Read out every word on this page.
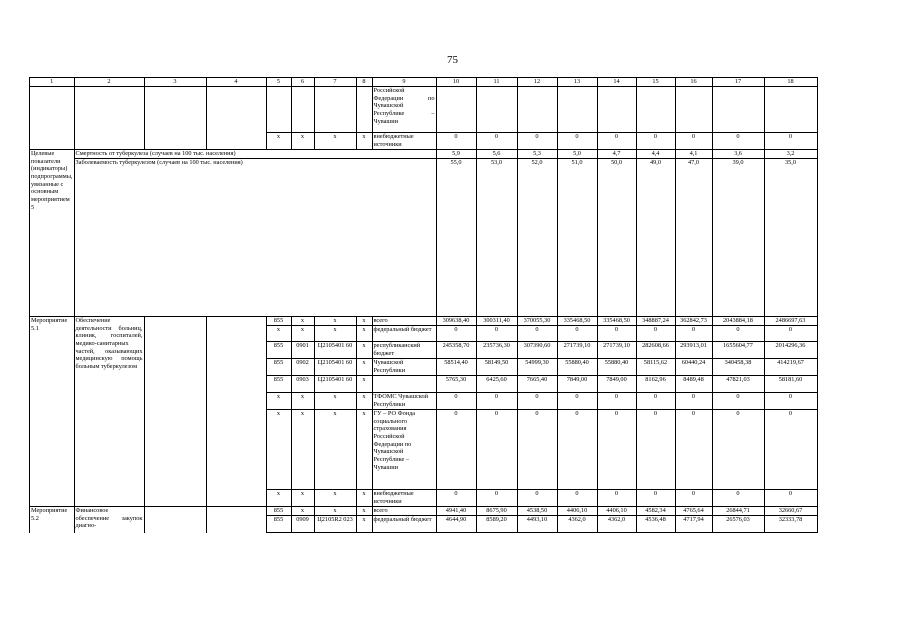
75
1	2	3	4	5	6	7	8	9	10	11	12	13	14	15	16	17	18
								Российской Федерации по Чувашской Республике – Чувашии									
				x	x	x	x	внебюджетные источники	0	0	0	0	0	0	0	0	0
Целевые показатели (индикаторы) подпрограммы, увязанные с основным мероприятием 5	Смертность от туберкулеза (случаев на 100 тыс. населения)								5,9	5,6	5,3	5,0	4,7	4,4	4,1	3,6	3,2
	Заболеваемость туберкулезом (случаев на 100 тыс. населения)								55,0	53,0	52,0	51,0	50,0	49,0	47,0	39,0	35,0
Мероприятие 5.1	Обеспечение деятельности больниц, клиник, госпиталей, медико-санитарных частей, оказывающих медицинскую помощь больным туберкулезом			855	x	x	x	всего	309638,40	300311,40	370055,30	335468,50	335468,50	348887,24	362842,73	2043884,18	2486697,63
				x	x	x	x	федеральный бюджет	0	0	0	0	0	0	0	0	0
				855	0901	Ц2105401 60	x	республиканский бюджет	245358,70	235736,30	307390,60	271739,10	271739,10	282608,66	293913,01	1655604,77	2014296,36
				855	0902	Ц2105401 60	x	Чувашской Республики	58514,40	58149,50	54999,30	55880,40	55880,40	58115,62	60440,24	340458,38	414219,67
				855	0903	Ц2105401 60	x		5765,30	6425,60	7665,40	7849,00	7849,00	8162,96	8489,48	47821,03	58181,60
				x	x	x	x	ТФОМС Чувашской Республики	0	0	0	0	0	0	0	0	0
				x	x	x	x	ГУ – РО Фонда социального страхования Российской Федерации по Чувашской Республике – Чувашии	0	0	0	0	0	0	0	0	0
				x	x	x	x	внебюджетные источники	0	0	0	0	0	0	0	0	0
Мероприятие 5.2	Финансовое обеспечение закупок диагно-			855	x	x	x	всего	4941,40	8675,90	4538,50	4406,10	4406,10	4582,34	4765,64	26844,71	32660,67
				855	0909	Ц2105R2 023	x	федеральный бюджет	4644,90	8589,20	4493,10	4362,0	4362,0	4536,48	4717,94	26576,03	32333,78
